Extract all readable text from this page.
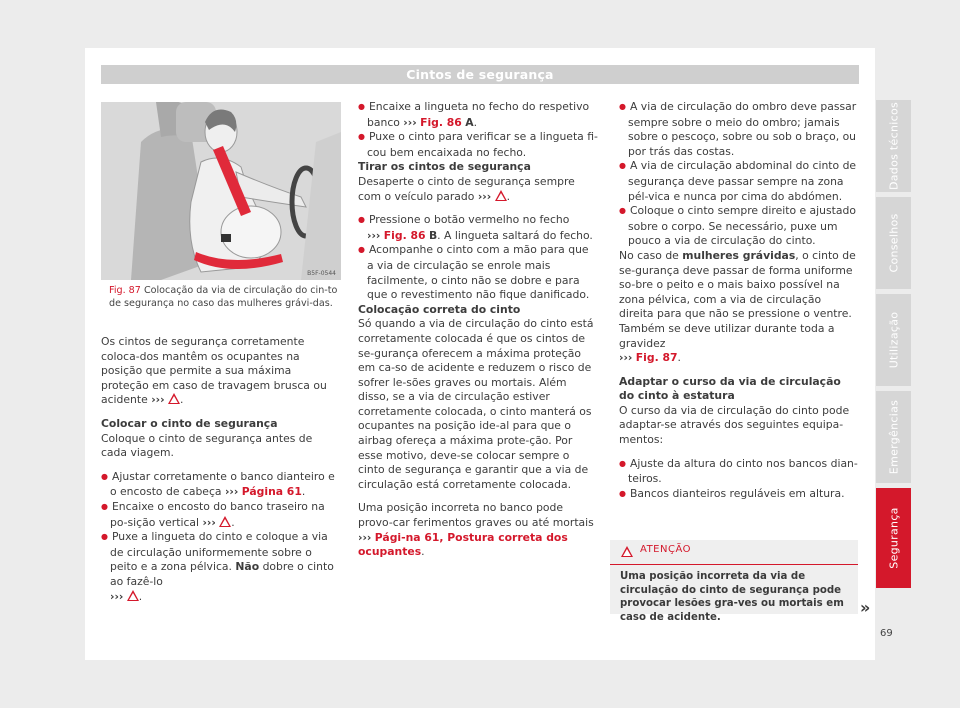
Cintos de segurança
B5F-0544
Fig. 87 Colocação da via de circulação do cin-to de segurança no caso das mulheres grávi-das.

Os cintos de segurança corretamente coloca-dos mantêm os ocupantes na posição que permite a sua máxima proteção em caso de travagem brusca ou acidente ››› .

Colocar o cinto de segurança

Coloque o cinto de segurança antes de cada viagem.

● Ajustar corretamente o banco dianteiro e o encosto de cabeça ››› Página 61.

● Encaixe o encosto do banco traseiro na po-sição vertical ››› .

● Puxe a lingueta do cinto e coloque a via de circulação uniformemente sobre o peito e a zona pélvica. Não dobre o cinto ao fazê-lo
››› .

● Encaixe a lingueta no fecho do respetivo banco ››› Fig. 86 A.

● Puxe o cinto para verificar se a lingueta fi-cou bem encaixada no fecho.

Tirar os cintos de segurança

Desaperte o cinto de segurança sempre com o veículo parado ››› .

● Pressione o botão vermelho no fecho
››› Fig. 86 B. A lingueta saltará do fecho.

● Acompanhe o cinto com a mão para que a via de circulação se enrole mais facilmente, o cinto não se dobre e para que o revestimento não fique danificado.

Colocação correta do cinto

Só quando a via de circulação do cinto está corretamente colocada é que os cintos de se-gurança oferecem a máxima proteção em ca-so de acidente e reduzem o risco de sofrer le-sões graves ou mortais. Além disso, se a via de circulação estiver corretamente colocada, o cinto manterá os ocupantes na posição ide-al para que o airbag ofereça a máxima prote-ção. Por esse motivo, deve-se colocar sempre o cinto de segurança e garantir que a via de circulação está corretamente colocada.

Uma posição incorreta no banco pode provo-car ferimentos graves ou até mortais ››› Pági-na 61, Postura correta dos ocupantes.

● A via de circulação do ombro deve passar sempre sobre o meio do ombro; jamais sobre o pescoço, sobre ou sob o braço, ou por trás das costas.

● A via de circulação abdominal do cinto de segurança deve passar sempre na zona pél-vica e nunca por cima do abdómen.

● Coloque o cinto sempre direito e ajustado sobre o corpo. Se necessário, puxe um pouco a via de circulação do cinto.

No caso de mulheres grávidas, o cinto de se-gurança deve passar de forma uniforme so-bre o peito e o mais baixo possível na zona pélvica, com a via de circulação direita para que não se pressione o ventre. Também se deve utilizar durante toda a gravidez
››› Fig. 87.

Adaptar o curso da via de circulação do cinto à estatura

O curso da via de circulação do cinto pode adaptar-se através dos seguintes equipa-mentos:

● Ajuste da altura do cinto nos bancos dian-teiros.

● Bancos dianteiros reguláveis em altura.

ATENÇÃO
Uma posição incorreta da via de circulação do cinto de segurança pode provocar lesões gra-ves ou mortais em caso de acidente.
»
69
Dados técnicos
Conselhos
Utilização
Emergências
Segurança
